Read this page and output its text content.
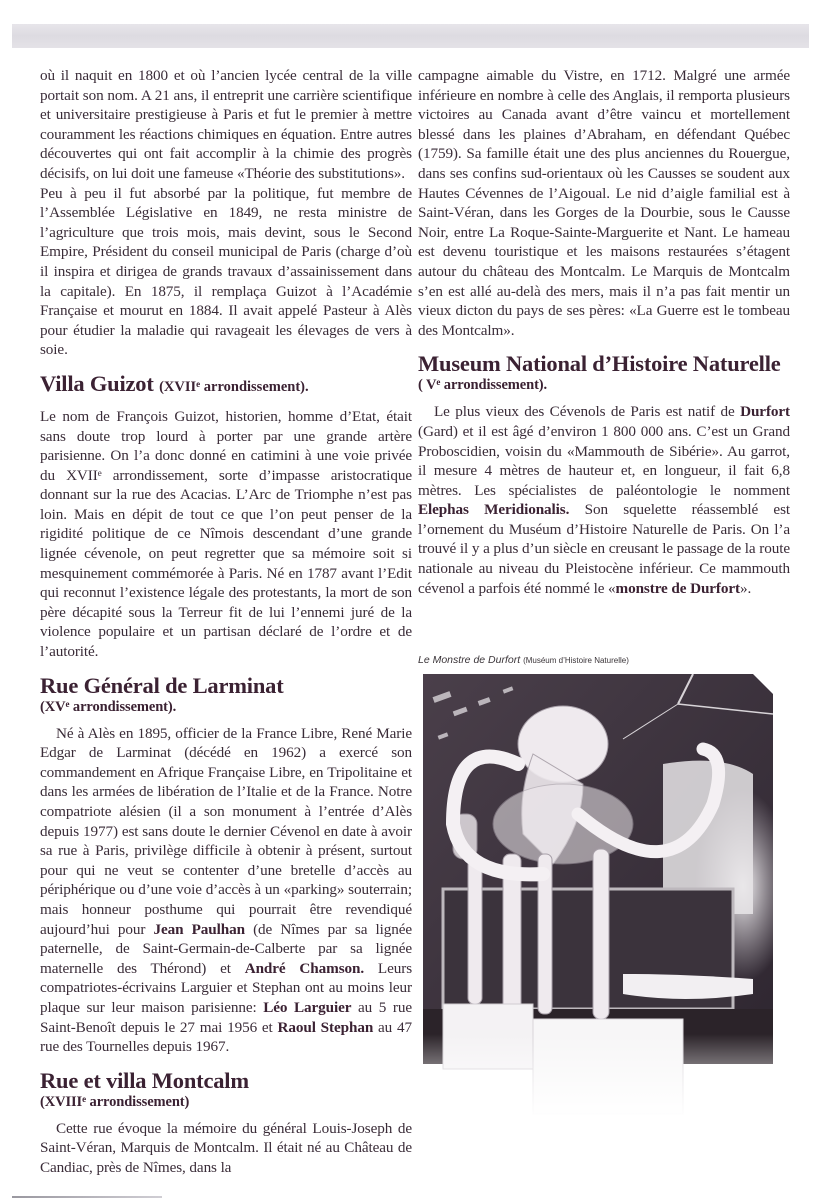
où il naquit en 1800 et où l’ancien lycée central de la ville portait son nom. A 21 ans, il entreprit une carrière scientifique et universitaire prestigieuse à Paris et fut le premier à mettre couramment les réactions chimiques en équation. Entre autres découvertes qui ont fait accomplir à la chimie des progrès décisifs, on lui doit une fameuse «Théorie des substitutions».

Peu à peu il fut absorbé par la politique, fut membre de l’Assemblée Législative en 1849, ne resta ministre de l’agriculture que trois mois, mais devint, sous le Second Empire, Président du conseil municipal de Paris (charge d’où il inspira et dirigea de grands travaux d’assainissement dans la capitale). En 1875, il remplaça Guizot à l’Académie Française et mourut en 1884. Il avait appelé Pasteur à Alès pour étudier la maladie qui ravageait les élevages de vers à soie.

Villa Guizot (XVIIe arrondissement).

Le nom de François Guizot, historien, homme d’Etat, était sans doute trop lourd à porter par une grande artère parisienne. On l’a donc donné en catimini à une voie privée du XVIIe arrondissement, sorte d’impasse aristocratique donnant sur la rue des Acacias. L’Arc de Triomphe n’est pas loin. Mais en dépit de tout ce que l’on peut penser de la rigidité politique de ce Nîmois descendant d’une grande lignée cévenole, on peut regretter que sa mémoire soit si mesquinement commémorée à Paris. Né en 1787 avant l’Edit qui reconnut l’existence légale des protestants, la mort de son père décapité sous la Terreur fit de lui l’ennemi juré de la violence populaire et un partisan déclaré de l’ordre et de l’autorité.

Rue Général de Larminat
(XVe arrondissement).

Né à Alès en 1895, officier de la France Libre, René Marie Edgar de Larminat (décédé en 1962) a exercé son commandement en Afrique Française Libre, en Tripolitaine et dans les armées de libération de l’Italie et de la France. Notre compatriote alésien (il a son monument à l’entrée d’Alès depuis 1977) est sans doute le dernier Cévenol en date à avoir sa rue à Paris, privilège difficile à obtenir à présent, surtout pour qui ne veut se contenter d’une bretelle d’accès au périphérique ou d’une voie d’accès à un «parking» souterrain; mais honneur posthume qui pourrait être revendiqué aujourd’hui pour Jean Paulhan (de Nîmes par sa lignée paternelle, de Saint-Germain-de-Calberte par sa lignée maternelle des Thérond) et André Chamson. Leurs compatriotes-écrivains Larguier et Stephan ont au moins leur plaque sur leur maison parisienne: Léo Larguier au 5 rue Saint-Benoît depuis le 27 mai 1956 et Raoul Stephan au 47 rue des Tournelles depuis 1967.

Rue et villa Montcalm
(XVIIIe arrondissement)

Cette rue évoque la mémoire du général Louis-Joseph de Saint-Véran, Marquis de Montcalm. Il était né au Château de Candiac, près de Nîmes, dans la

campagne aimable du Vistre, en 1712. Malgré une armée inférieure en nombre à celle des Anglais, il remporta plusieurs victoires au Canada avant d’être vaincu et mortellement blessé dans les plaines d’Abraham, en défendant Québec (1759). Sa famille était une des plus anciennes du Rouergue, dans ses confins sud-orientaux où les Causses se soudent aux Hautes Cévennes de l’Aigoual. Le nid d’aigle familial est à Saint-Véran, dans les Gorges de la Dourbie, sous le Causse Noir, entre La Roque-Sainte-Marguerite et Nant. Le hameau est devenu touristique et les maisons restaurées s’étagent autour du château des Montcalm. Le Marquis de Montcalm s’en est allé au-delà des mers, mais il n’a pas fait mentir un vieux dicton du pays de ses pères: «La Guerre est le tombeau des Montcalm».

Museum National d’Histoire Naturelle
( Ve arrondissement).

Le plus vieux des Cévenols de Paris est natif de Durfort (Gard) et il est âgé d’environ 1 800 000 ans. C’est un Grand Proboscidien, voisin du «Mammouth de Sibérie». Au garrot, il mesure 4 mètres de hauteur et, en longueur, il fait 6,8 mètres. Les spécialistes de paléontologie le nomment Elephas Meridionalis. Son squelette réassemblé est l’ornement du Muséum d’Histoire Naturelle de Paris. On l’a trouvé il y a plus d’un siècle en creusant le passage de la route nationale au niveau du Pleistocène inférieur. Ce mammouth cévenol a parfois été nommé le «monstre de Durfort».

Le Monstre de Durfort (Muséum d’Histoire Naturelle)
